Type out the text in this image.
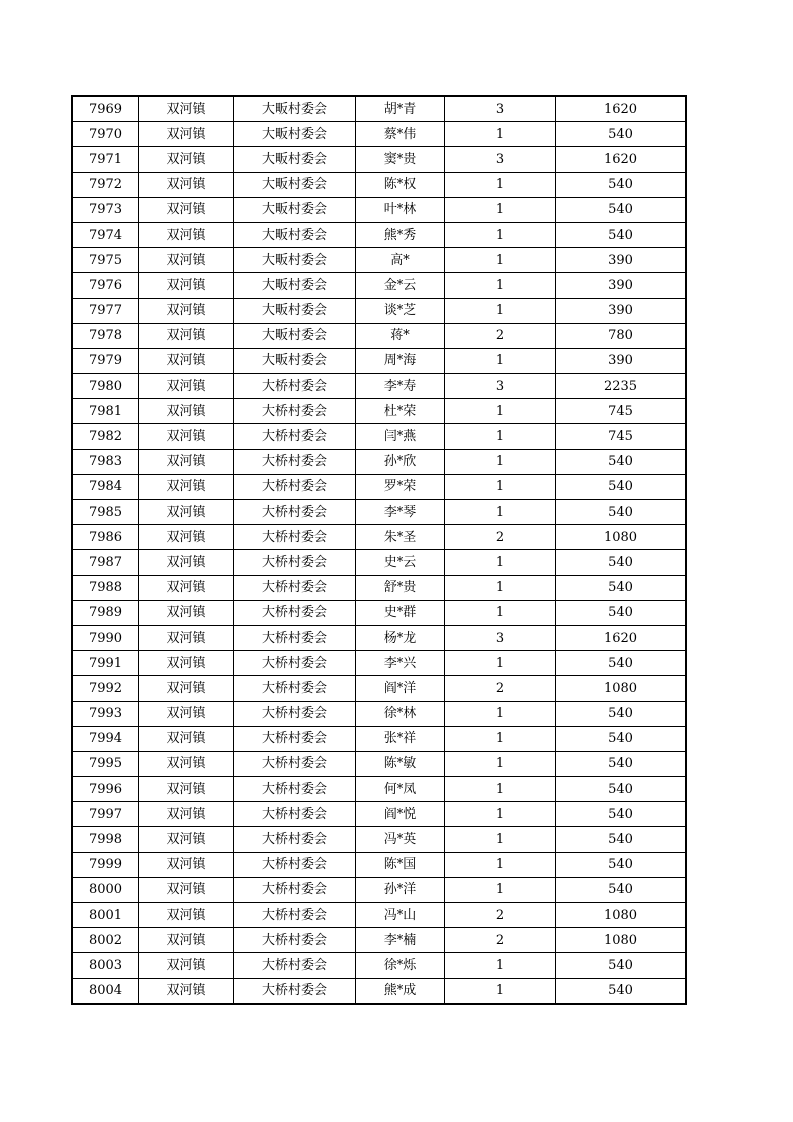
7969	双河镇	大畈村委会	胡*青	3	1620
7970	双河镇	大畈村委会	蔡*伟	1	540
7971	双河镇	大畈村委会	窦*贵	3	1620
7972	双河镇	大畈村委会	陈*权	1	540
7973	双河镇	大畈村委会	叶*林	1	540
7974	双河镇	大畈村委会	熊*秀	1	540
7975	双河镇	大畈村委会	高*	1	390
7976	双河镇	大畈村委会	金*云	1	390
7977	双河镇	大畈村委会	谈*芝	1	390
7978	双河镇	大畈村委会	蒋*	2	780
7979	双河镇	大畈村委会	周*海	1	390
7980	双河镇	大桥村委会	李*寿	3	2235
7981	双河镇	大桥村委会	杜*荣	1	745
7982	双河镇	大桥村委会	闫*燕	1	745
7983	双河镇	大桥村委会	孙*欣	1	540
7984	双河镇	大桥村委会	罗*荣	1	540
7985	双河镇	大桥村委会	李*琴	1	540
7986	双河镇	大桥村委会	朱*圣	2	1080
7987	双河镇	大桥村委会	史*云	1	540
7988	双河镇	大桥村委会	舒*贵	1	540
7989	双河镇	大桥村委会	史*群	1	540
7990	双河镇	大桥村委会	杨*龙	3	1620
7991	双河镇	大桥村委会	李*兴	1	540
7992	双河镇	大桥村委会	阎*洋	2	1080
7993	双河镇	大桥村委会	徐*林	1	540
7994	双河镇	大桥村委会	张*祥	1	540
7995	双河镇	大桥村委会	陈*敏	1	540
7996	双河镇	大桥村委会	何*凤	1	540
7997	双河镇	大桥村委会	阎*悦	1	540
7998	双河镇	大桥村委会	冯*英	1	540
7999	双河镇	大桥村委会	陈*国	1	540
8000	双河镇	大桥村委会	孙*洋	1	540
8001	双河镇	大桥村委会	冯*山	2	1080
8002	双河镇	大桥村委会	李*楠	2	1080
8003	双河镇	大桥村委会	徐*烁	1	540
8004	双河镇	大桥村委会	熊*成	1	540
